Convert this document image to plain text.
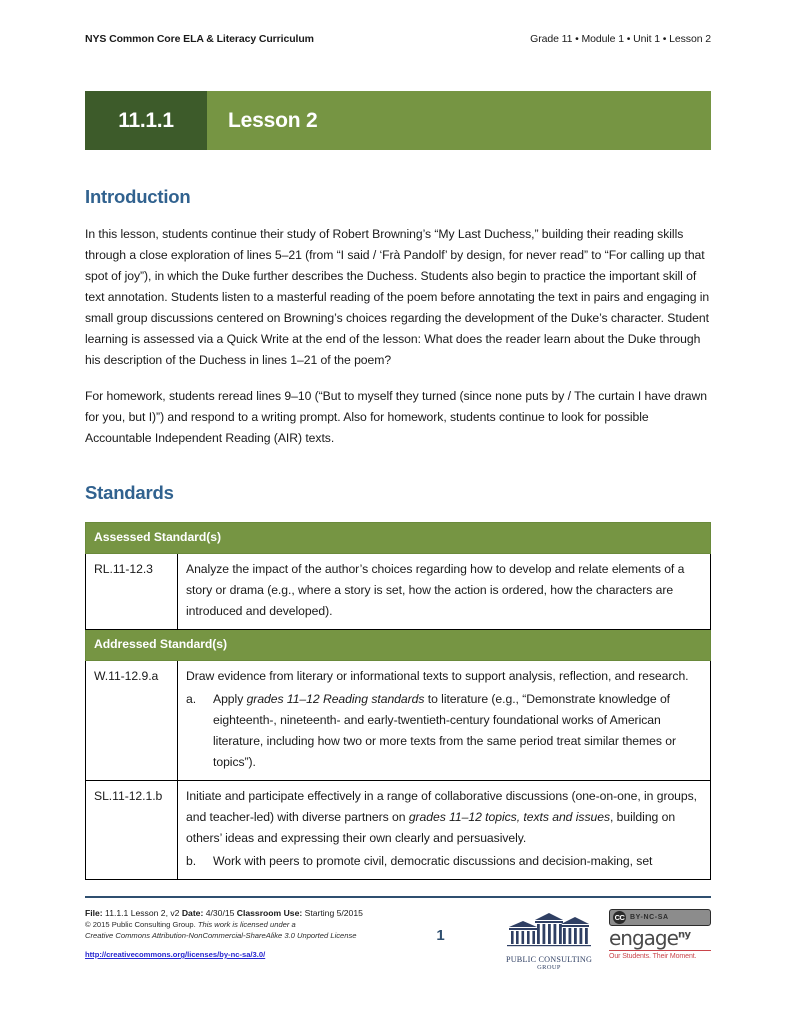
NYS Common Core ELA & Literacy Curriculum	Grade 11 • Module 1 • Unit 1 • Lesson 2
11.1.1	Lesson 2
Introduction

In this lesson, students continue their study of Robert Browning’s “My Last Duchess,” building their reading skills through a close exploration of lines 5–21 (from “I said / ‘Frà Pandolf’ by design, for never read” to “For calling up that spot of joy”), in which the Duke further describes the Duchess. Students also begin to practice the important skill of text annotation. Students listen to a masterful reading of the poem before annotating the text in pairs and engaging in small group discussions centered on Browning’s choices regarding the development of the Duke’s character. Student learning is assessed via a Quick Write at the end of the lesson: What does the reader learn about the Duke through his description of the Duchess in lines 1–21 of the poem?

For homework, students reread lines 9–10 (“But to myself they turned (since none puts by / The curtain I have drawn for you, but I)”) and respond to a writing prompt. Also for homework, students continue to look for possible Accountable Independent Reading (AIR) texts.

Standards
Assessed Standard(s)	
RL.11-12.3	Analyze the impact of the author’s choices regarding how to develop and relate elements of a story or drama (e.g., where a story is set, how the action is ordered, how the characters are introduced and developed).
Addressed Standard(s)	
W.11-12.9.a	Draw evidence from literary or informational texts to support analysis, reflection, and research.
a.	Apply grades 11–12 Reading standards to literature (e.g., “Demonstrate knowledge of eighteenth-, nineteenth- and early-twentieth-century foundational works of American literature, including how two or more texts from the same period treat similar themes or topics”).

SL.11-12.1.b	Initiate and participate effectively in a range of collaborative discussions (one-on-one, in groups, and teacher-led) with diverse partners on grades 11–12 topics, texts and issues, building on others’ ideas and expressing their own clearly and persuasively.
b.	Work with peers to promote civil, democratic discussions and decision-making, set
File: 11.1.1 Lesson 2, v2 Date: 4/30/15 Classroom Use: Starting 5/2015
© 2015 Public Consulting Group. This work is licensed under a
Creative Commons Attribution-NonCommercial-ShareAlike 3.0 Unported License
http://creativecommons.org/licenses/by-nc-sa/3.0/
1
PUBLIC CONSULTING
GROUP
CC BY-NC-SA
engage$^{ny}$
Our Students. Their Moment.
